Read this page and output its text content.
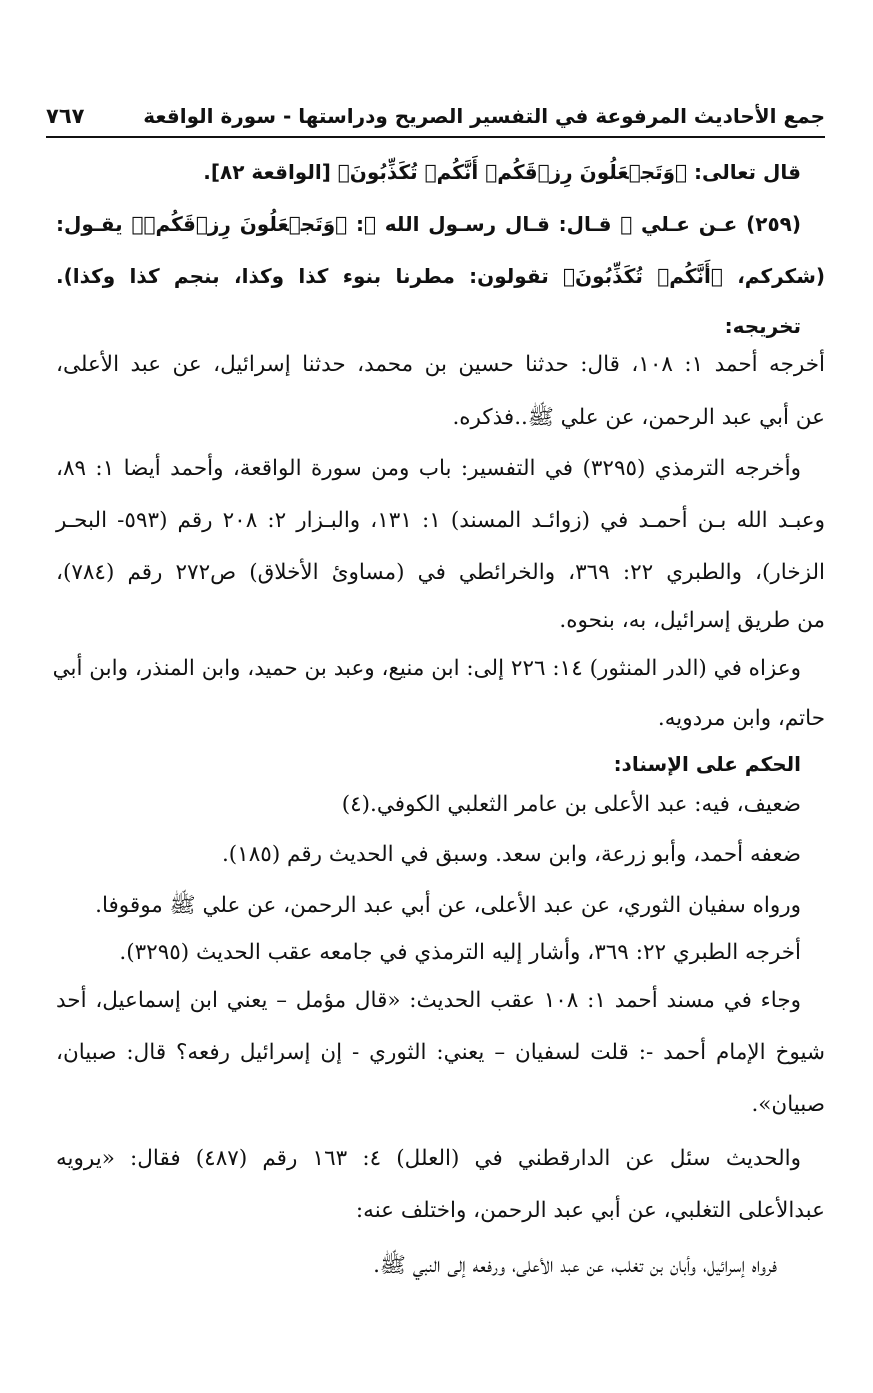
جمع الأحاديث المرفوعة في التفسير الصريح ودراستها - سورة الواقعة
٧٦٧
قال تعالى: ﴿وَتَجۡعَلُونَ رِزۡقَكُمۡ أَنَّكُمۡ تُكَذِّبُونَ﴾ [الواقعة ٨٢].
(٢٥٩) عـن عـلي ﷺ قـال: قـال رسـول الله ﷺ: ﴿وَتَجۡعَلُونَ رِزۡقَكُمۡ﴾ يقـول:
(شكركم، ﴿أَنَّكُمۡ تُكَذِّبُونَ﴾ تقولون: مطرنا بنوء كذا وكذا، بنجم كذا وكذا).
تخريجه:
أخرجه أحمد ١: ١٠٨، قال: حدثنا حسين بن محمد، حدثنا إسرائيل، عن عبد الأعلى،
عن أبي عبد الرحمن، عن علي ﷺ..فذكره.
وأخرجه الترمذي (٣٢٩٥) في التفسير: باب ومن سورة الواقعة، وأحمد أيضا ١: ٨٩،
وعبـد الله بـن أحمـد في (زوائـد المسند) ١: ١٣١، والبـزار ٢: ٢٠٨ رقم (٥٩٣- البحـر
الزخار)، والطبري ٢٢: ٣٦٩، والخرائطي في (مساوئ الأخلاق) ص٢٧٢ رقم (٧٨٤)،
من طريق إسرائيل، به، بنحوه.
وعزاه في (الدر المنثور) ١٤: ٢٢٦ إلى: ابن منيع، وعبد بن حميد، وابن المنذر، وابن أبي
حاتم، وابن مردويه.
الحكم على الإسناد:
ضعيف، فيه: عبد الأعلى بن عامر الثعلبي الكوفي.(٤)
ضعفه أحمد، وأبو زرعة، وابن سعد. وسبق في الحديث رقم (١٨٥).
ورواه سفيان الثوري، عن عبد الأعلى، عن أبي عبد الرحمن، عن علي ﷺ موقوفا.
أخرجه الطبري ٢٢: ٣٦٩، وأشار إليه الترمذي في جامعه عقب الحديث (٣٢٩٥).
وجاء في مسند أحمد ١: ١٠٨ عقب الحديث: «قال مؤمل – يعني ابن إسماعيل، أحد
شيوخ الإمام أحمد -: قلت لسفيان – يعني: الثوري - إن إسرائيل رفعه؟ قال: صبيان،
صبيان».
والحديث سئل عن الدارقطني في (العلل) ٤: ١٦٣ رقم (٤٨٧) فقال: «يرويه
عبدالأعلى التغلبي، عن أبي عبد الرحمن، واختلف عنه:
فرواه إسرائيل، وأبان بن تغلب، عن عبد الأعلى، ورفعه إلى النبي ﷺ.
